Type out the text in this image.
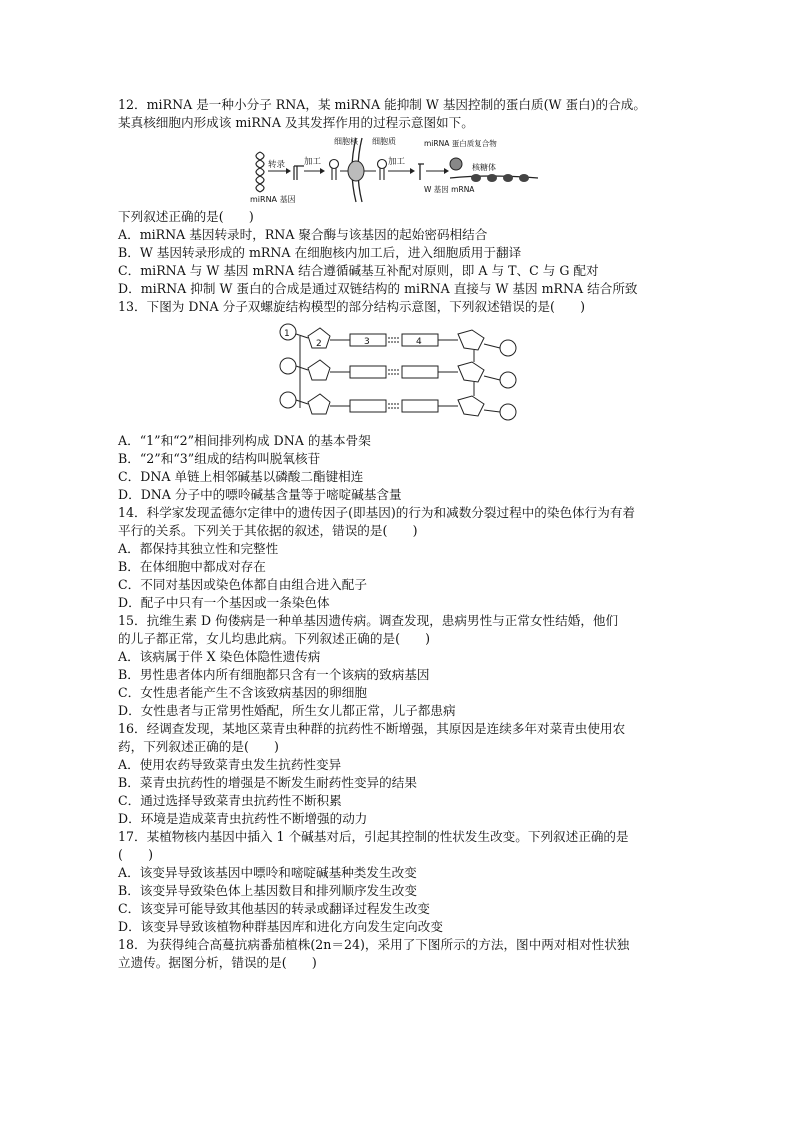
12．miRNA 是一种小分子 RNA，某 miRNA 能抑制 W 基因控制的蛋白质(W 蛋白)的合成。
某真核细胞内形成该 miRNA 及其发挥作用的过程示意图如下。
miRNA 基因
转录 加工
细胞核 细胞质
加工
miRNA 蛋白质复合物
核糖体
W 基因 mRNA
下列叙述正确的是(　　)
A．miRNA 基因转录时，RNA 聚合酶与该基因的起始密码相结合
B．W 基因转录形成的 mRNA 在细胞核内加工后，进入细胞质用于翻译
C．miRNA 与 W 基因 mRNA 结合遵循碱基互补配对原则，即 A 与 T、C 与 G 配对
D．miRNA 抑制 W 蛋白的合成是通过双链结构的 miRNA 直接与 W 基因 mRNA 结合所致
13．下图为 DNA 分子双螺旋结构模型的部分结构示意图，下列叙述错误的是(　　)
1
2	3	4
A．“1”和“2”相间排列构成 DNA 的基本骨架
B．“2”和“3”组成的结构叫脱氧核苷
C．DNA 单链上相邻碱基以磷酸二酯键相连
D．DNA 分子中的嘌呤碱基含量等于嘧啶碱基含量
14．科学家发现孟德尔定律中的遗传因子(即基因)的行为和减数分裂过程中的染色体行为有着
平行的关系。下列关于其依据的叙述，错误的是(　　)
A．都保持其独立性和完整性
B．在体细胞中都成对存在
C．不同对基因或染色体都自由组合进入配子
D．配子中只有一个基因或一条染色体
15．抗维生素 D 佝偻病是一种单基因遗传病。调查发现，患病男性与正常女性结婚，他们
的儿子都正常，女儿均患此病。下列叙述正确的是(　　)
A．该病属于伴 X 染色体隐性遗传病
B．男性患者体内所有细胞都只含有一个该病的致病基因
C．女性患者能产生不含该致病基因的卵细胞
D．女性患者与正常男性婚配，所生女儿都正常，儿子都患病
16．经调查发现，某地区菜青虫种群的抗药性不断增强，其原因是连续多年对菜青虫使用农
药，下列叙述正确的是(　　)
A．使用农药导致菜青虫发生抗药性变异
B．菜青虫抗药性的增强是不断发生耐药性变异的结果
C．通过选择导致菜青虫抗药性不断积累
D．环境是造成菜青虫抗药性不断增强的动力
17．某植物核内基因中插入 1 个碱基对后，引起其控制的性状发生改变。下列叙述正确的是
(　　)
A．该变异导致该基因中嘌呤和嘧啶碱基种类发生改变
B．该变异导致染色体上基因数目和排列顺序发生改变
C．该变异可能导致其他基因的转录或翻译过程发生改变
D．该变异导致该植物种群基因库和进化方向发生定向改变
18．为获得纯合高蔓抗病番茄植株(2n＝24)，采用了下图所示的方法，图中两对相对性状独
立遗传。据图分析，错误的是(　　)
